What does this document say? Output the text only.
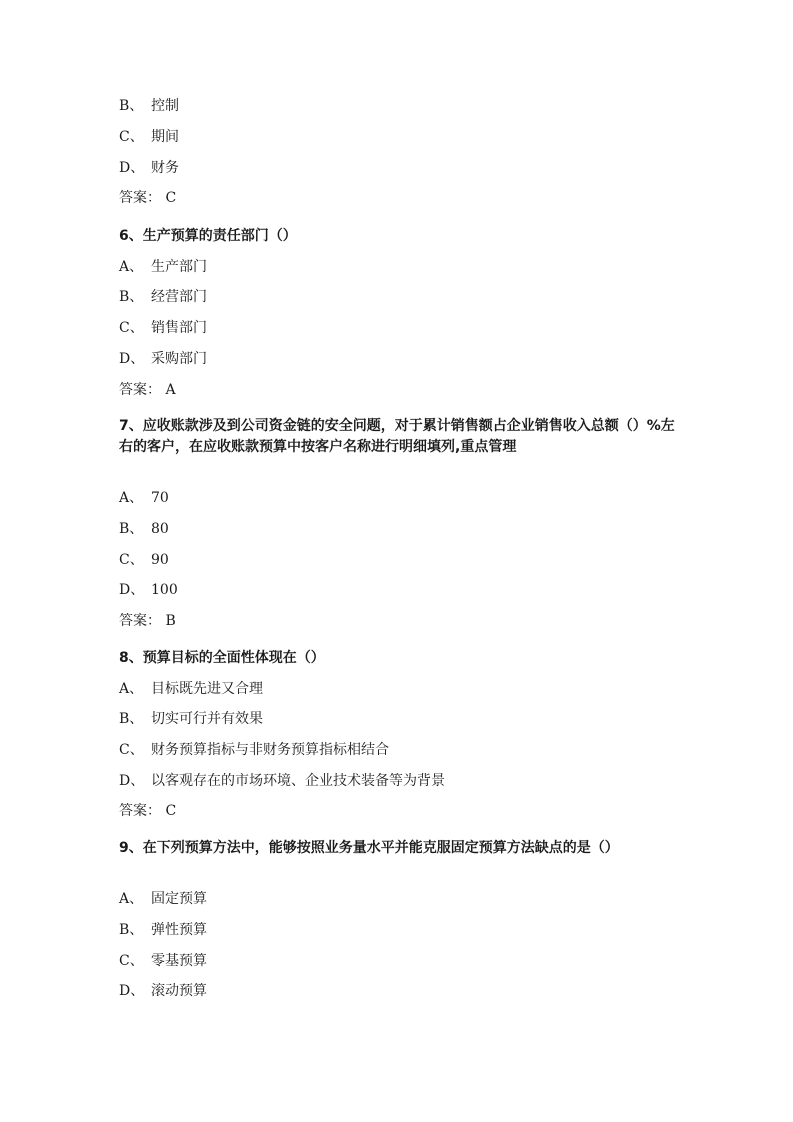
B、 控制
C、 期间
D、 财务
答案： C
6、生产预算的责任部门（）
A、 生产部门
B、 经营部门
C、 销售部门
D、 采购部门
答案： A
7、应收账款涉及到公司资金链的安全问题，对于累计销售额占企业销售收入总额（）%左右的客户，在应收账款预算中按客户名称进行明细填列,重点管理
A、 70
B、 80
C、 90
D、 100
答案： B
8、预算目标的全面性体现在（）
A、 目标既先进又合理
B、 切实可行并有效果
C、 财务预算指标与非财务预算指标相结合
D、 以客观存在的市场环境、企业技术装备等为背景
答案： C
9、在下列预算方法中，能够按照业务量水平并能克服固定预算方法缺点的是（）
A、 固定预算
B、 弹性预算
C、 零基预算
D、 滚动预算
